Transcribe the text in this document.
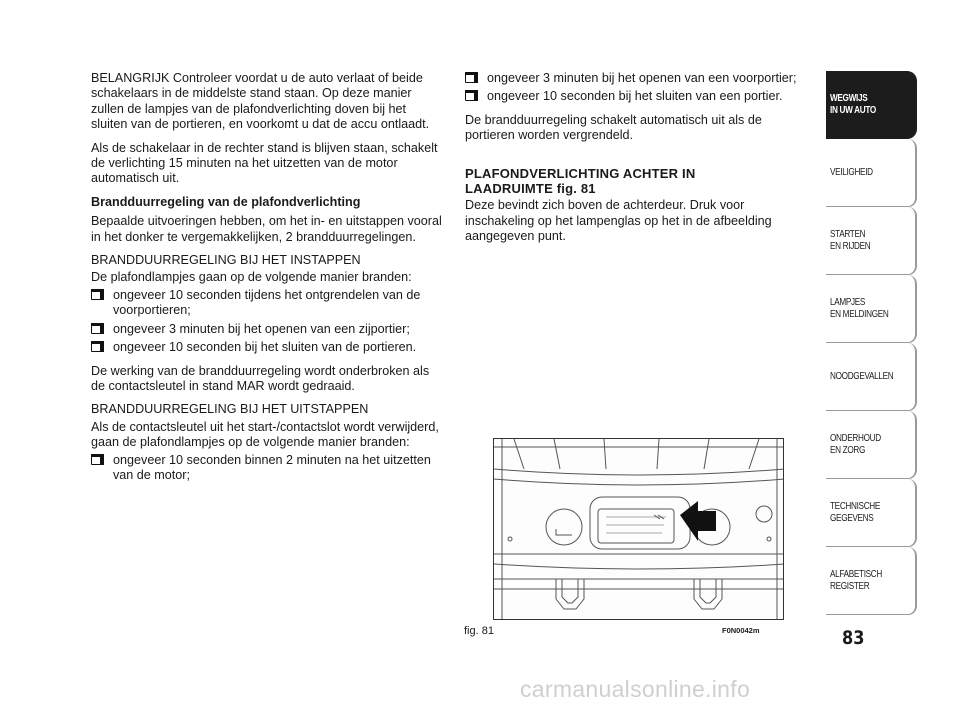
BELANGRIJK Controleer voordat u de auto verlaat of beide schakelaars in de middelste stand staan. Op deze manier zullen de lampjes van de plafondverlichting doven bij het sluiten van de portieren, en voorkomt u dat de accu ontlaadt.

Als de schakelaar in de rechter stand is blijven staan, schakelt de verlichting 15 minuten na het uitzetten van de motor automatisch uit.

Brandduurregeling van de plafondverlichting

Bepaalde uitvoeringen hebben, om het in- en uitstappen vooral in het donker te vergemakkelijken, 2 brandduurregelingen.

BRANDDUURREGELING BIJ HET INSTAPPEN

De plafondlampjes gaan op de volgende manier branden:

ongeveer 10 seconden tijdens het ontgrendelen van de voorportieren;
ongeveer 3 minuten bij het openen van een zijportier;
ongeveer 10 seconden bij het sluiten van de portieren.

De werking van de brandduurregeling wordt onderbroken als de contactsleutel in stand MAR wordt gedraaid.

BRANDDUURREGELING BIJ HET UITSTAPPEN

Als de contactsleutel uit het start-/contactslot wordt verwijderd, gaan de plafondlampjes op de volgende manier branden:

ongeveer 10 seconden binnen 2 minuten na het uitzetten van de motor;
ongeveer 3 minuten bij het openen van een voorportier;
ongeveer 10 seconden bij het sluiten van een portier.

De brandduurregeling schakelt automatisch uit als de portieren worden vergrendeld.

PLAFONDVERLICHTING ACHTER IN LAADRUIMTE fig. 81

Deze bevindt zich boven de achterdeur. Druk voor inschakeling op het lampenglas op het in de afbeelding aangegeven punt.

fig. 81	F0N0042m
WEGWIJS
IN UW AUTO
VEILIGHEID
STARTEN
EN RIJDEN
LAMPJES
EN MELDINGEN
NOODGEVALLEN
ONDERHOUD
EN ZORG
TECHNISCHE
GEGEVENS
ALFABETISCH
REGISTER
83
carmanualsonline.info
